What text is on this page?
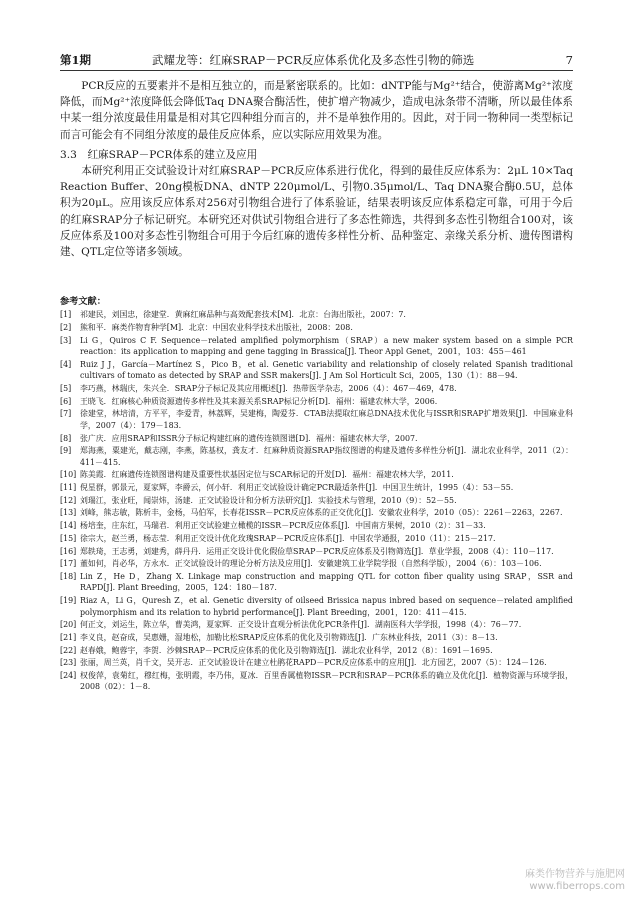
第1期	武耀龙等：红麻SRAP－PCR反应体系优化及多态性引物的筛选	7

PCR反应的五要素并不是相互独立的，而是紧密联系的。比如：dNTP能与Mg²⁺结合，使游离Mg²⁺浓度降低，而Mg²⁺浓度降低会降低Taq DNA聚合酶活性，使扩增产物减少，造成电泳条带不清晰，所以最佳体系中某一组分浓度最佳用量是相对其它四种组分而言的，并不是单独作用的。因此，对于同一物种同一类型标记而言可能会有不同组分浓度的最佳反应体系，应以实际应用效果为准。

3.3　红麻SRAP－PCR体系的建立及应用

本研究利用正交试验设计对红麻SRAP－PCR反应体系进行优化，得到的最佳反应体系为：2μL 10×Taq Reaction Buffer、20ng模板DNA、dNTP 220μmol/L、引物0.35μmol/L、Taq DNA聚合酶0.5U，总体积为20μL。应用该反应体系对256对引物组合进行了体系验证，结果表明该反应体系稳定可靠，可用于今后的红麻SRAP分子标记研究。本研究还对供试引物组合进行了多态性筛选，共得到多态性引物组合100对，该反应体系及100对多态性引物组合可用于今后红麻的遗传多样性分析、品种鉴定、亲缘关系分析、遗传图谱构建、QTL定位等诸多领域。

参考文献：
[1] 祁建民，刘国忠，徐建堂．黄麻红麻品种与高效配套技术[M]．北京：台海出版社，2007：7.
[2] 熊和平．麻类作物育种学[M]．北京：中国农业科学技术出版社，2008：208.
[3] Li G，Quiros C F. Sequence－related amplified polymorphism（SRAP）a new maker system based on a simple PCR reaction：its application to mapping and gene tagging in Brassica[J]. Theor Appl Genet，2001，103：455－461
[4] Ruiz J J，García－Martínez S，Pico B，et al. Genetic variability and relationship of closely related Spanish traditional cultivars of tomato as detected by SRAP and SSR makers[J]. J Am Sol Horticult Sci，2005，130（1）：88－94.
[5] 李巧燕，林瑞庆，朱兴全．SRAP分子标记及其应用概述[J]．热带医学杂志，2006（4）：467－469，478.
[6] 王晓飞．红麻核心种质资源遗传多样性及其来源关系SRAP标记分析[D]．福州：福建农林大学，2006.
[7] 徐建堂，林培清，方平平，李爱青，林荔辉，吴建梅，陶爱芬．CTAB法提取红麻总DNA技术优化与ISSR和SRAP扩增效果[J]．中国麻业科学，2007（4）：179－183.
[8] 张广庆．应用SRAP和ISSR分子标记构建红麻的遗传连锁图谱[D]．福州：福建农林大学，2007.
[9] 郑海燕，粟建光，戴志刚，李燕，陈基权，龚友才．红麻种质资源SRAP指纹图谱的构建及遗传多样性分析[J]．湖北农业科学，2011（2）：411－415.
[10] 陈美霞．红麻遗传连锁图谱构建及重要性状基因定位与SCAR标记的开发[D]．福州：福建农林大学，2011.
[11] 倪星群，郭景元，夏家辉，李爵云，何小轩．利用正交试验设计确定PCR最适条件[J]．中国卫生统计，1995（4）：53－55.
[12] 刘瑞江，张业旺，闻崇炜，汤建．正交试验设计和分析方法研究[J]．实验技术与管理，2010（9）：52－55.
[13] 刘峰，熊志敏，陈析丰，金杨，马伯军，长春花ISSR－PCR反应体系的正交优化[J]．安徽农业科学，2010（05）：2261－2263，2267.
[14] 杨培奎，庄东红，马瑞君．利用正交试验建立橄榄的ISSR－PCR反应体系[J]．中国南方果树，2010（2）：31－33.
[15] 徐宗大，赵兰勇，杨志莹．利用正交设计优化玫瑰SRAP－PCR反应体系[J]．中国农学通报，2010（11）：215－217.
[16] 郑轶琦，王志勇，刘建秀，薛丹丹．运用正交设计优化假俭草SRAP－PCR反应体系及引物筛选[J]．草业学报，2008（4）：110－117.
[17] 董如何，肖必华，方永水．正交试验设计的理论分析方法及应用[J]．安徽建筑工业学院学报（自然科学版），2004（6）：103－106.
[18] Lin Z，He D，Zhang X. Linkage map construction and mapping QTL for cotton fiber quality using SRAP，SSR and RAPD[J]. Plant Breeding，2005，124：180－187.
[19] Riaz A，Li G，Quresh Z，et al. Genetic diversity of oilseed Brissica napus inbred based on sequence－related amplified polymorphism and its relation to hybrid performance[J]. Plant Breeding，2001，120：411－415.
[20] 何正文，刘运生，陈立华，曹美鸿，夏家辉．正交设计直观分析法优化PCR条件[J]．湖南医科大学学报，1998（4）：76－77.
[21] 李义良，赵奋成，吴惠姗，湿地松，加勒比松SRAP反应体系的优化及引物筛选[J]．广东林业科技，2011（3）：8－13.
[22] 赵春娥，鲍蓉宇，李贺．沙棘SRAP－PCR反应体系的优化及引物筛选[J]．湖北农业科学，2012（8）：1691－1695.
[23] 张丽，周兰英，肖千文，吴开志．正交试验设计在建立杜鹃花RAPD－PCR反应体系中的应用[J]．北方园艺，2007（5）：124－126.
[24] 权俊萍，袁菊红，穆红梅，张明霞，李乃伟，夏冰．百里香属植物ISSR－PCR和SRAP－PCR体系的确立及优化[J]．植物资源与环境学报，2008（02）：1－8.
麻类作物营养与施肥网
www.fiberrops.com
